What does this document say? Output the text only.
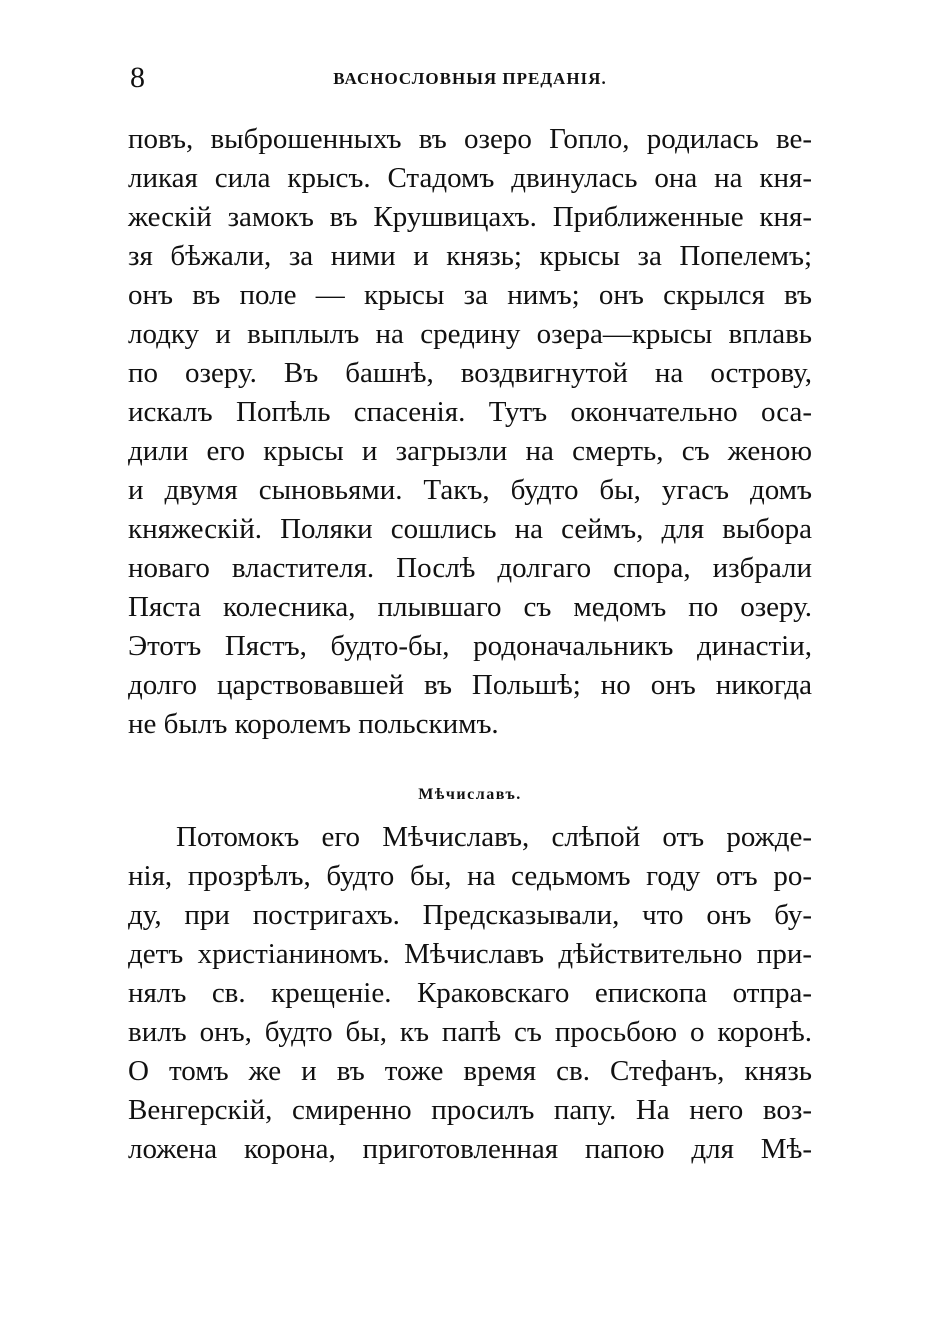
8	ВАСНОСЛОВНЫЯ ПРЕДАНІЯ.
повъ, выброшенныхъ въ озеро Гопло, родилась ве-
ликая сила крысъ. Стадомъ двинулась она на кня-
жескій замокъ въ Крушвицахъ. Приближенные кня-
зя бѣжали, за ними и князь; крысы за Попелемъ;
онъ въ поле — крысы за нимъ; онъ скрылся въ
лодку и выплылъ на средину озера—крысы вплавь
по озеру. Въ башнѣ, воздвигнутой на острову,
искалъ Попѣль спасенія. Тутъ окончательно оса-
дили его крысы и загрызли на смерть, съ женою
и двумя сыновьями. Такъ, будто бы, угасъ домъ
княжескій. Поляки сошлись на сеймъ, для выбора
новаго властителя. Послѣ долгаго спора, избрали
Пяста колесника, плывшаго съ медомъ по озеру.
Этотъ Пястъ, будто-бы, родоначальникъ династіи,
долго царствовавшей въ Польшѣ; но онъ никогда
не былъ королемъ польскимъ.
Мѣчиславъ.
Потомокъ его Мѣчиславъ, слѣпой отъ рожде-
нія, прозрѣлъ, будто бы, на седьмомъ году отъ ро-
ду, при постригахъ. Предсказывали, что онъ бу-
детъ христіаниномъ. Мѣчиславъ дѣйствительно при-
нялъ св. крещеніе. Краковскаго епископа отпра-
вилъ онъ, будто бы, къ папѣ съ просьбою о коронѣ.
О томъ же и въ тоже время св. Стефанъ, князь
Венгерскій, смиренно просилъ папу. На него воз-
ложена корона, приготовленная папою для Мѣ-
